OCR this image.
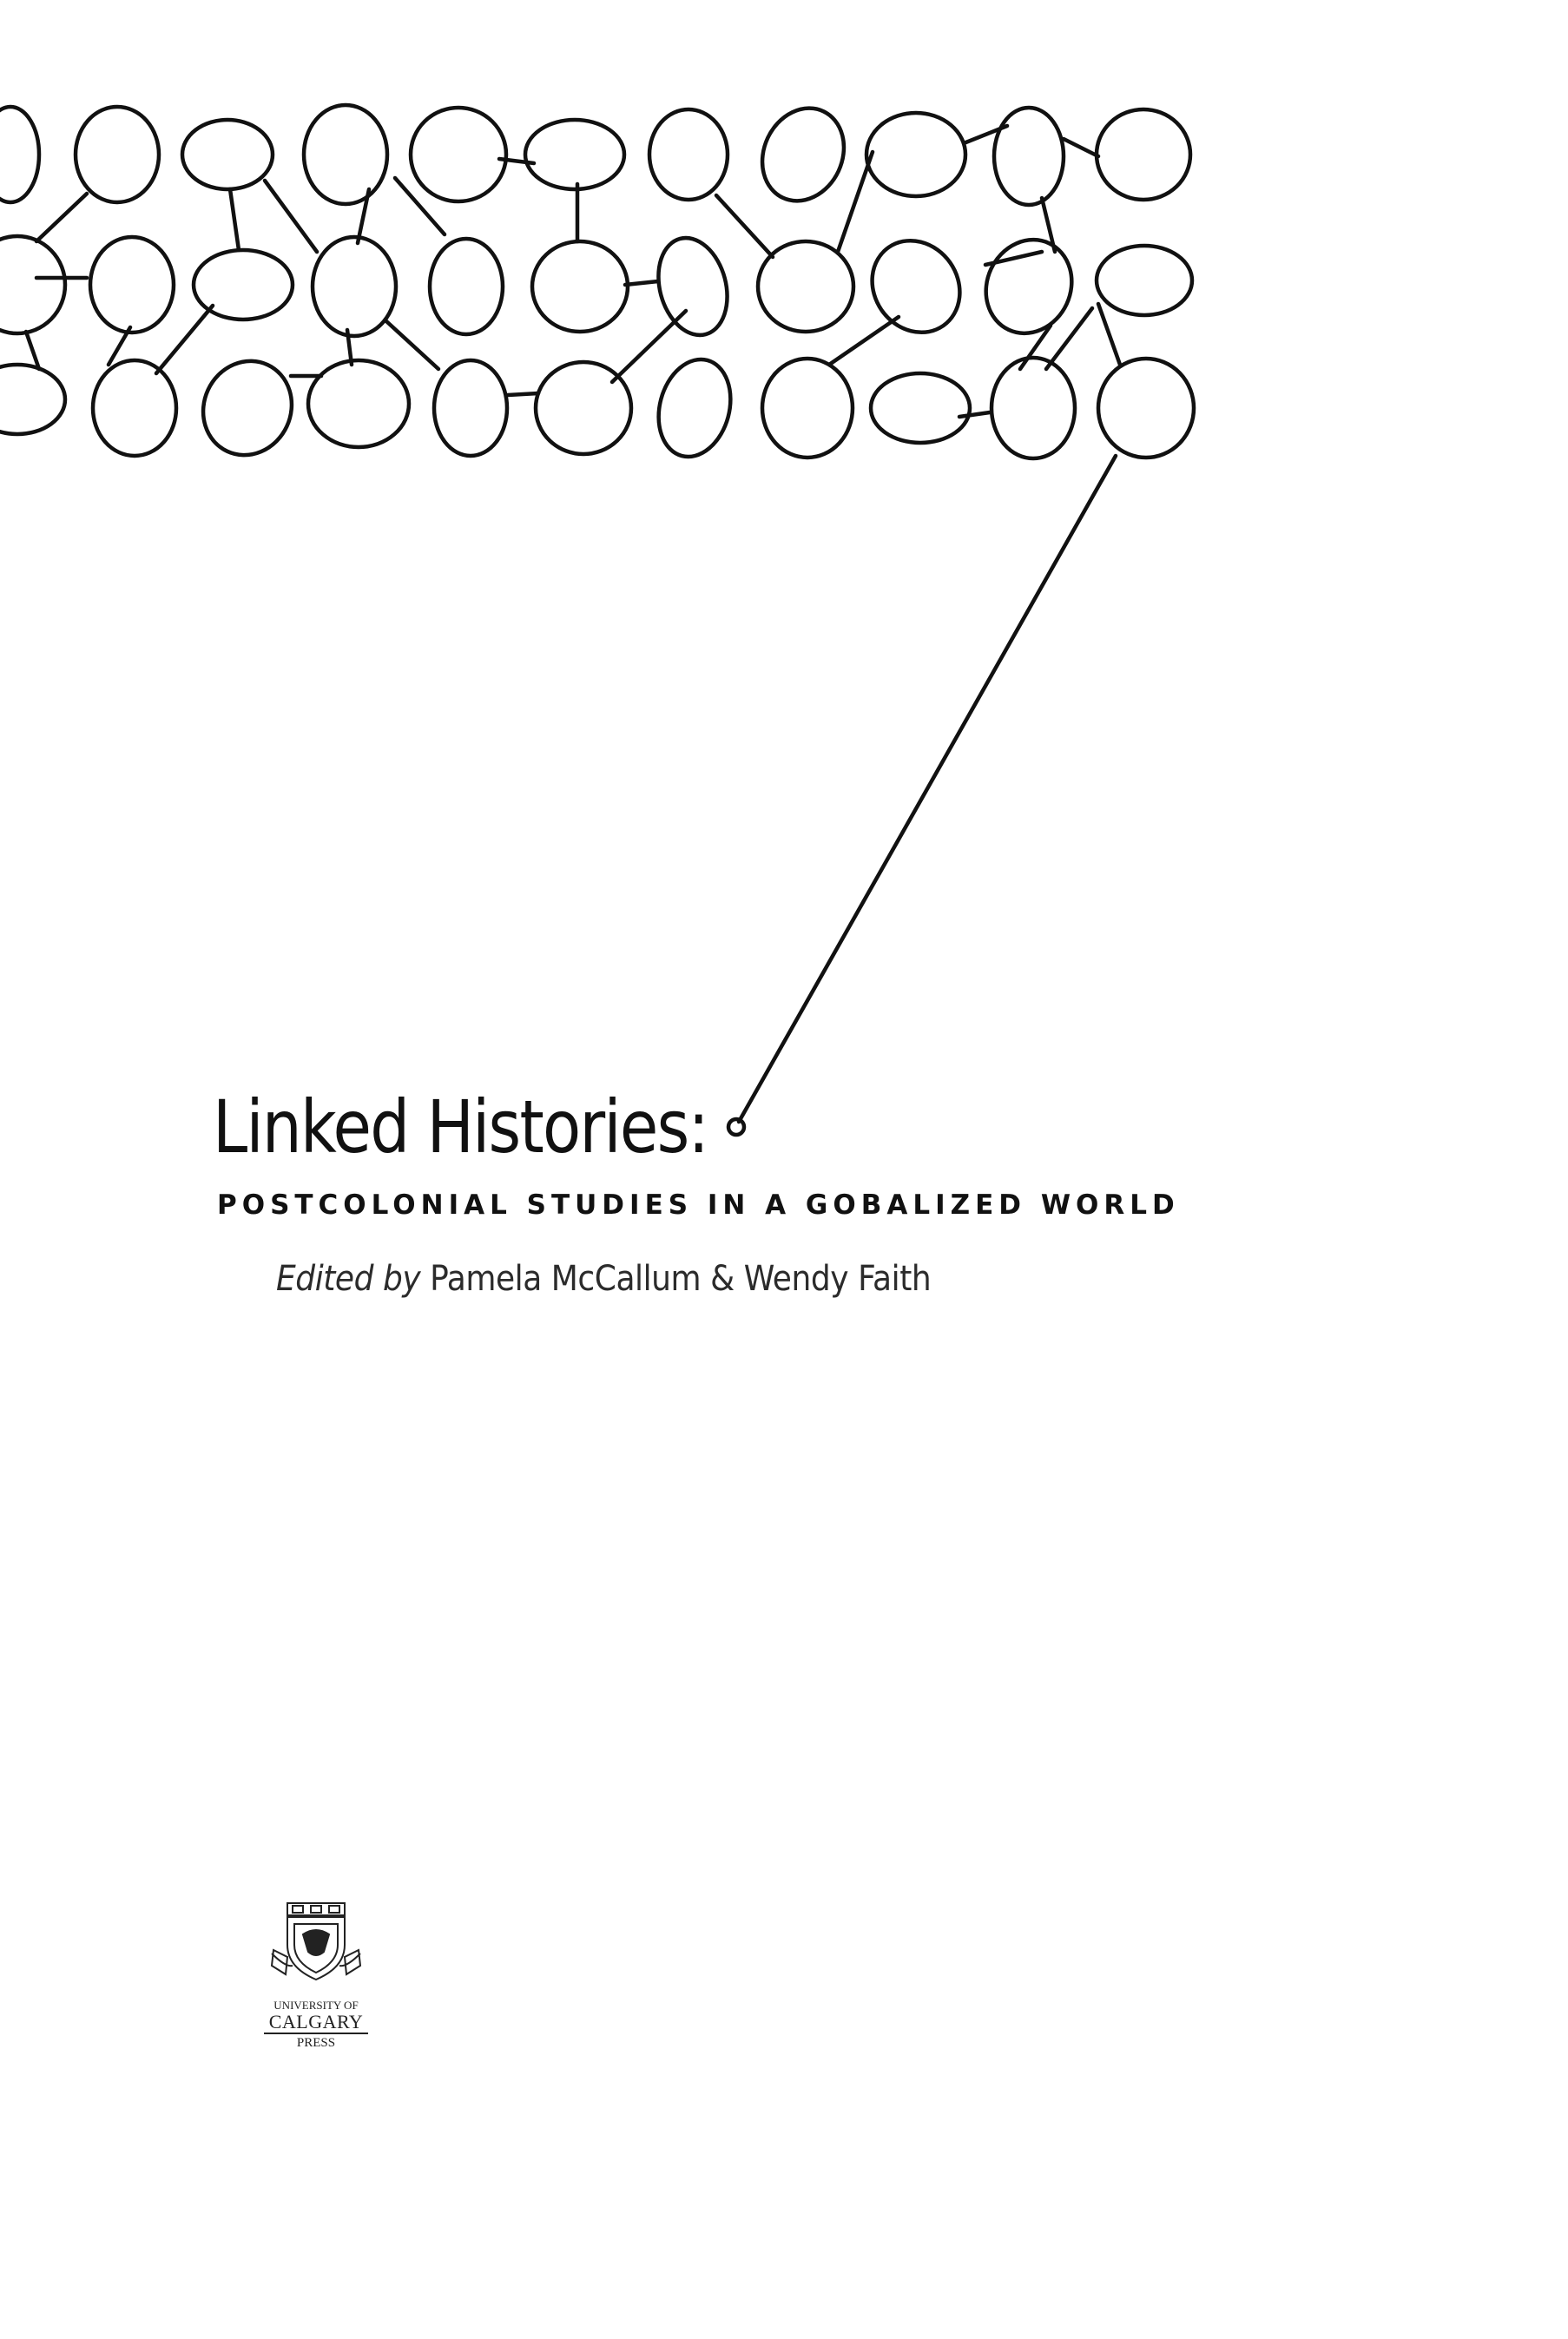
Linked Histories:
POSTCOLONIAL STUDIES IN A GOBALIZED WORLD

Edited by Pamela McCallum & Wendy Faith

UNIVERSITY OF
CALGARY
PRESS
